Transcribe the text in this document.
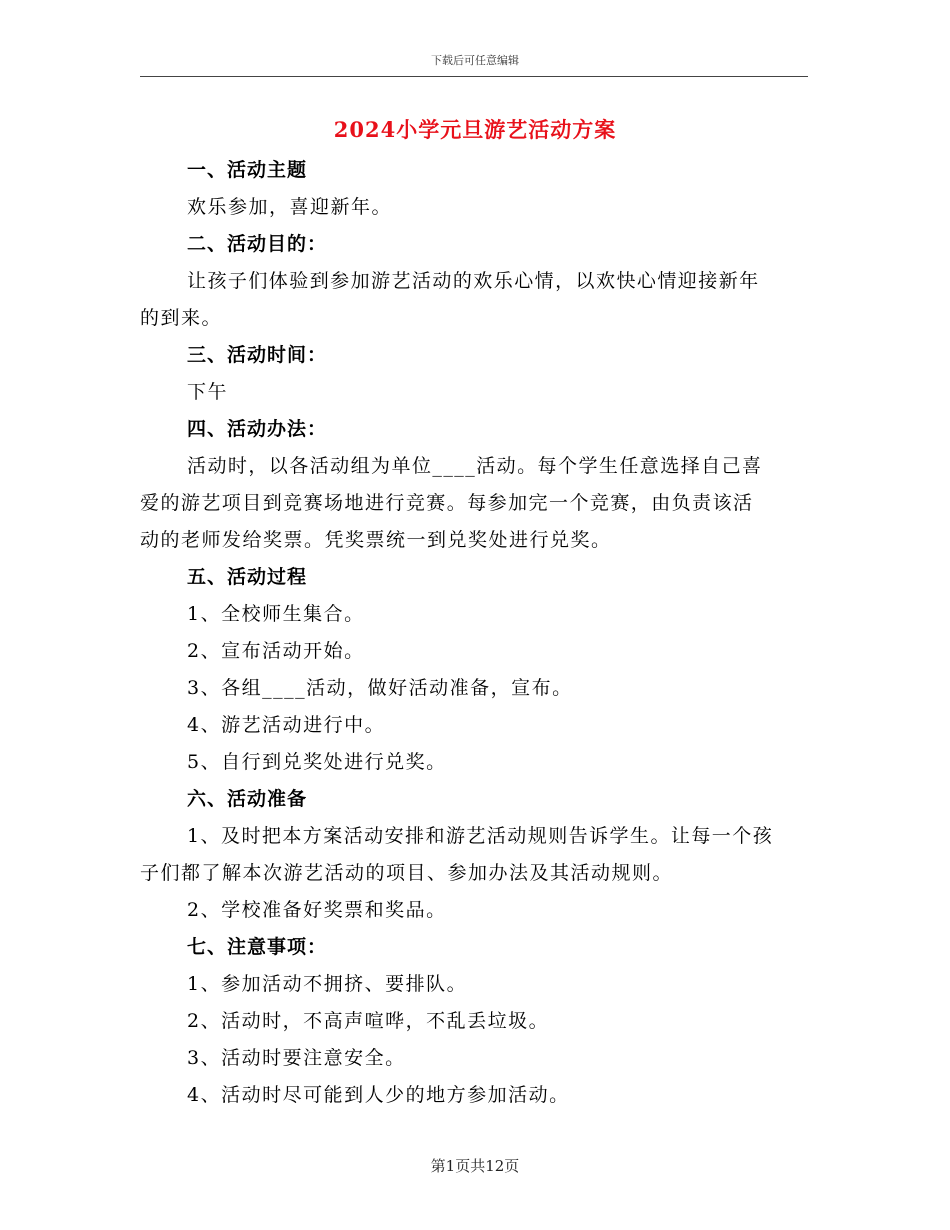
下载后可任意编辑
2024小学元旦游艺活动方案
一、活动主题
欢乐参加，喜迎新年。
二、活动目的：
让孩子们体验到参加游艺活动的欢乐心情，以欢快心情迎接新年
的到来。
三、活动时间：
下午
四、活动办法：
活动时，以各活动组为单位____活动。每个学生任意选择自己喜
爱的游艺项目到竞赛场地进行竞赛。每参加完一个竞赛，由负责该活
动的老师发给奖票。凭奖票统一到兑奖处进行兑奖。
五、活动过程
1、全校师生集合。
2、宣布活动开始。
3、各组____活动，做好活动准备，宣布。
4、游艺活动进行中。
5、自行到兑奖处进行兑奖。
六、活动准备
1、及时把本方案活动安排和游艺活动规则告诉学生。让每一个孩
子们都了解本次游艺活动的项目、参加办法及其活动规则。
2、学校准备好奖票和奖品。
七、注意事项：
1、参加活动不拥挤、要排队。
2、活动时，不高声喧哗，不乱丢垃圾。
3、活动时要注意安全。
4、活动时尽可能到人少的地方参加活动。
第1页共12页
